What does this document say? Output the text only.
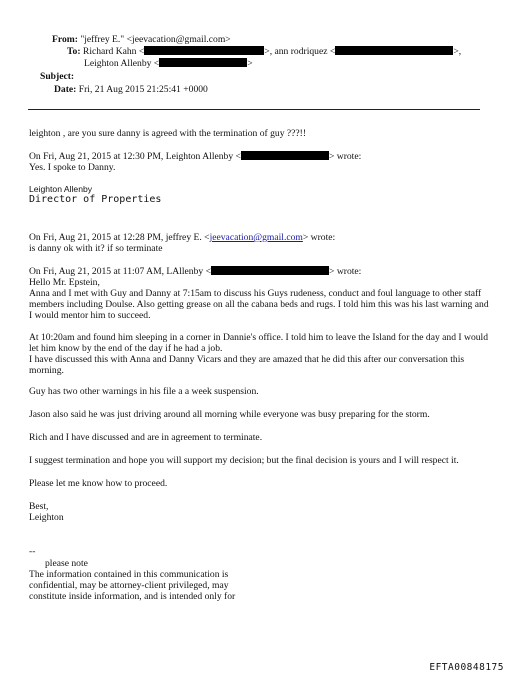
From: "jeffrey E." <jeevacation@gmail.com>
To: Richard Kahn <	>, ann rodriquez <	>,
Leighton Allenby <	>
Subject:
Date: Fri, 21 Aug 2015 21:25:41 +0000
leighton , are you sure danny is agreed with the termination of guy ???!!
On Fri, Aug 21, 2015 at 12:30 PM, Leighton Allenby <	> wrote:
Yes. I spoke to Danny.
Leighton Allenby
Director of Properties
On Fri, Aug 21, 2015 at 12:28 PM, jeffrey E. <jeevacation@gmail.com> wrote:
is danny ok with it? if so terminate
On Fri, Aug 21, 2015 at 11:07 AM, LAllenby <	> wrote:
Hello Mr. Epstein,
Anna and I met with Guy and Danny at 7:15am to discuss his Guys rudeness, conduct and foul language to other staff members including Doulse. Also getting grease on all the cabana beds and rugs. I told him this was his last warning and I would mentor him to succeed.
At 10:20am and found him sleeping in a corner in Dannie's office. I told him to leave the Island for the day and I would let him know by the end of the day if he had a job.
I have discussed this with Anna and Danny Vicars and they are amazed that he did this after our conversation this morning.
Guy has two other warnings in his file a a week suspension.
Jason also said he was just driving around all morning while everyone was busy preparing for the storm.
Rich and I have discussed and are in agreement to terminate.
I suggest termination and hope you will support my decision; but the final decision is yours and I will respect it.
Please let me know how to proceed.
Best,
Leighton
--
please note
The information contained in this communication is
confidential, may be attorney-client privileged, may
constitute inside information, and is intended only for
EFTA00848175
